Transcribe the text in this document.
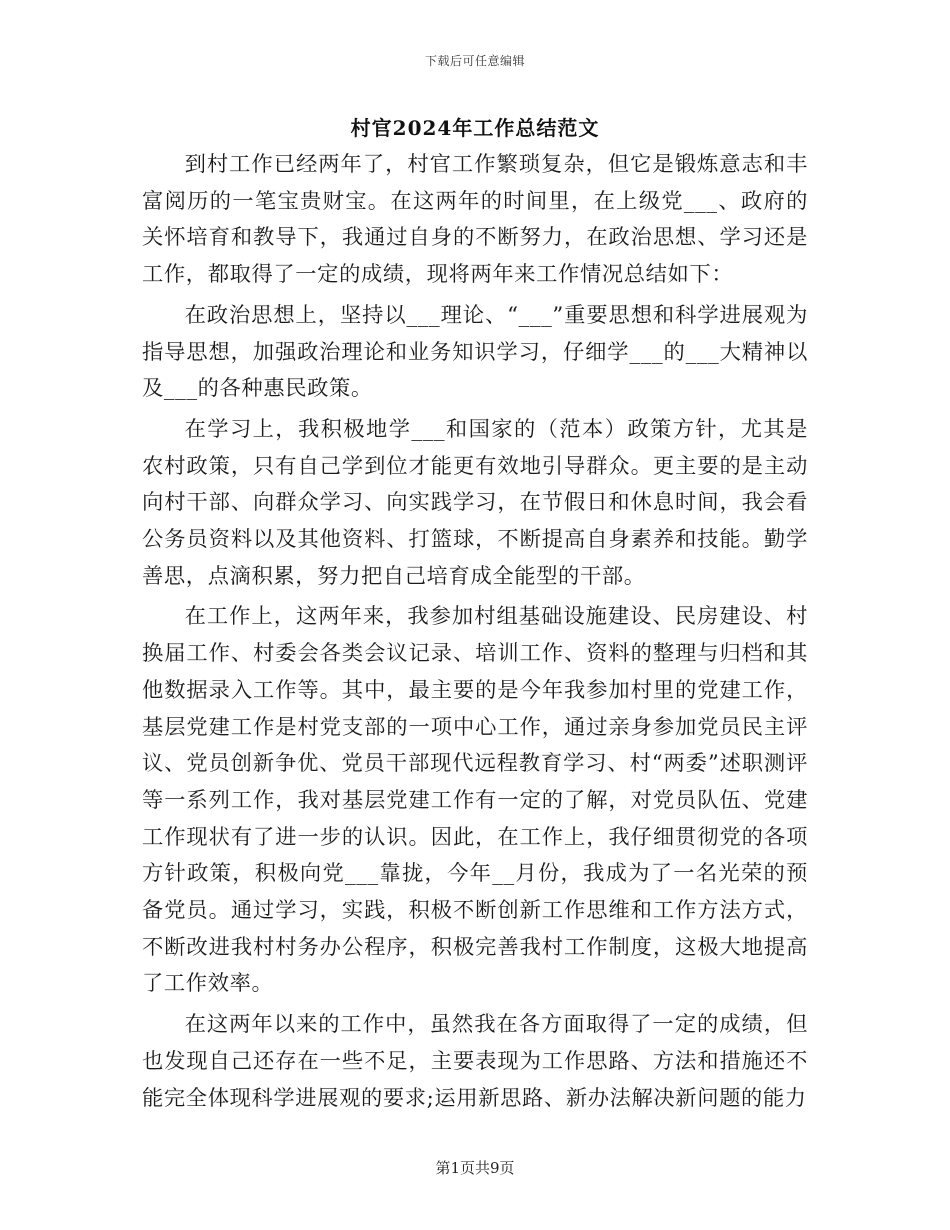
下载后可任意编辑
村官2024年工作总结范文

到村工作已经两年了，村官工作繁琐复杂，但它是锻炼意志和丰富阅历的一笔宝贵财宝。在这两年的时间里，在上级党___、政府的关怀培育和教导下，我通过自身的不断努力，在政治思想、学习还是工作，都取得了一定的成绩，现将两年来工作情况总结如下：

在政治思想上，坚持以___理论、“___”重要思想和科学进展观为指导思想，加强政治理论和业务知识学习，仔细学___的___大精神以及___的各种惠民政策。

在学习上，我积极地学___和国家的（范本）政策方针，尤其是农村政策，只有自己学到位才能更有效地引导群众。更主要的是主动向村干部、向群众学习、向实践学习，在节假日和休息时间，我会看公务员资料以及其他资料、打篮球，不断提高自身素养和技能。勤学善思，点滴积累，努力把自己培育成全能型的干部。

在工作上，这两年来，我参加村组基础设施建设、民房建设、村换届工作、村委会各类会议记录、培训工作、资料的整理与归档和其他数据录入工作等。其中，最主要的是今年我参加村里的党建工作，基层党建工作是村党支部的一项中心工作，通过亲身参加党员民主评议、党员创新争优、党员干部现代远程教育学习、村“两委”述职测评等一系列工作，我对基层党建工作有一定的了解，对党员队伍、党建工作现状有了进一步的认识。因此，在工作上，我仔细贯彻党的各项方针政策，积极向党___靠拢，今年__月份，我成为了一名光荣的预备党员。通过学习，实践，积极不断创新工作思维和工作方法方式，不断改进我村村务办公程序，积极完善我村工作制度，这极大地提高了工作效率。

在这两年以来的工作中，虽然我在各方面取得了一定的成绩，但也发现自己还存在一些不足，主要表现为工作思路、方法和措施还不能完全体现科学进展观的要求;运用新思路、新办法解决新问题的能力

第1页共9页
